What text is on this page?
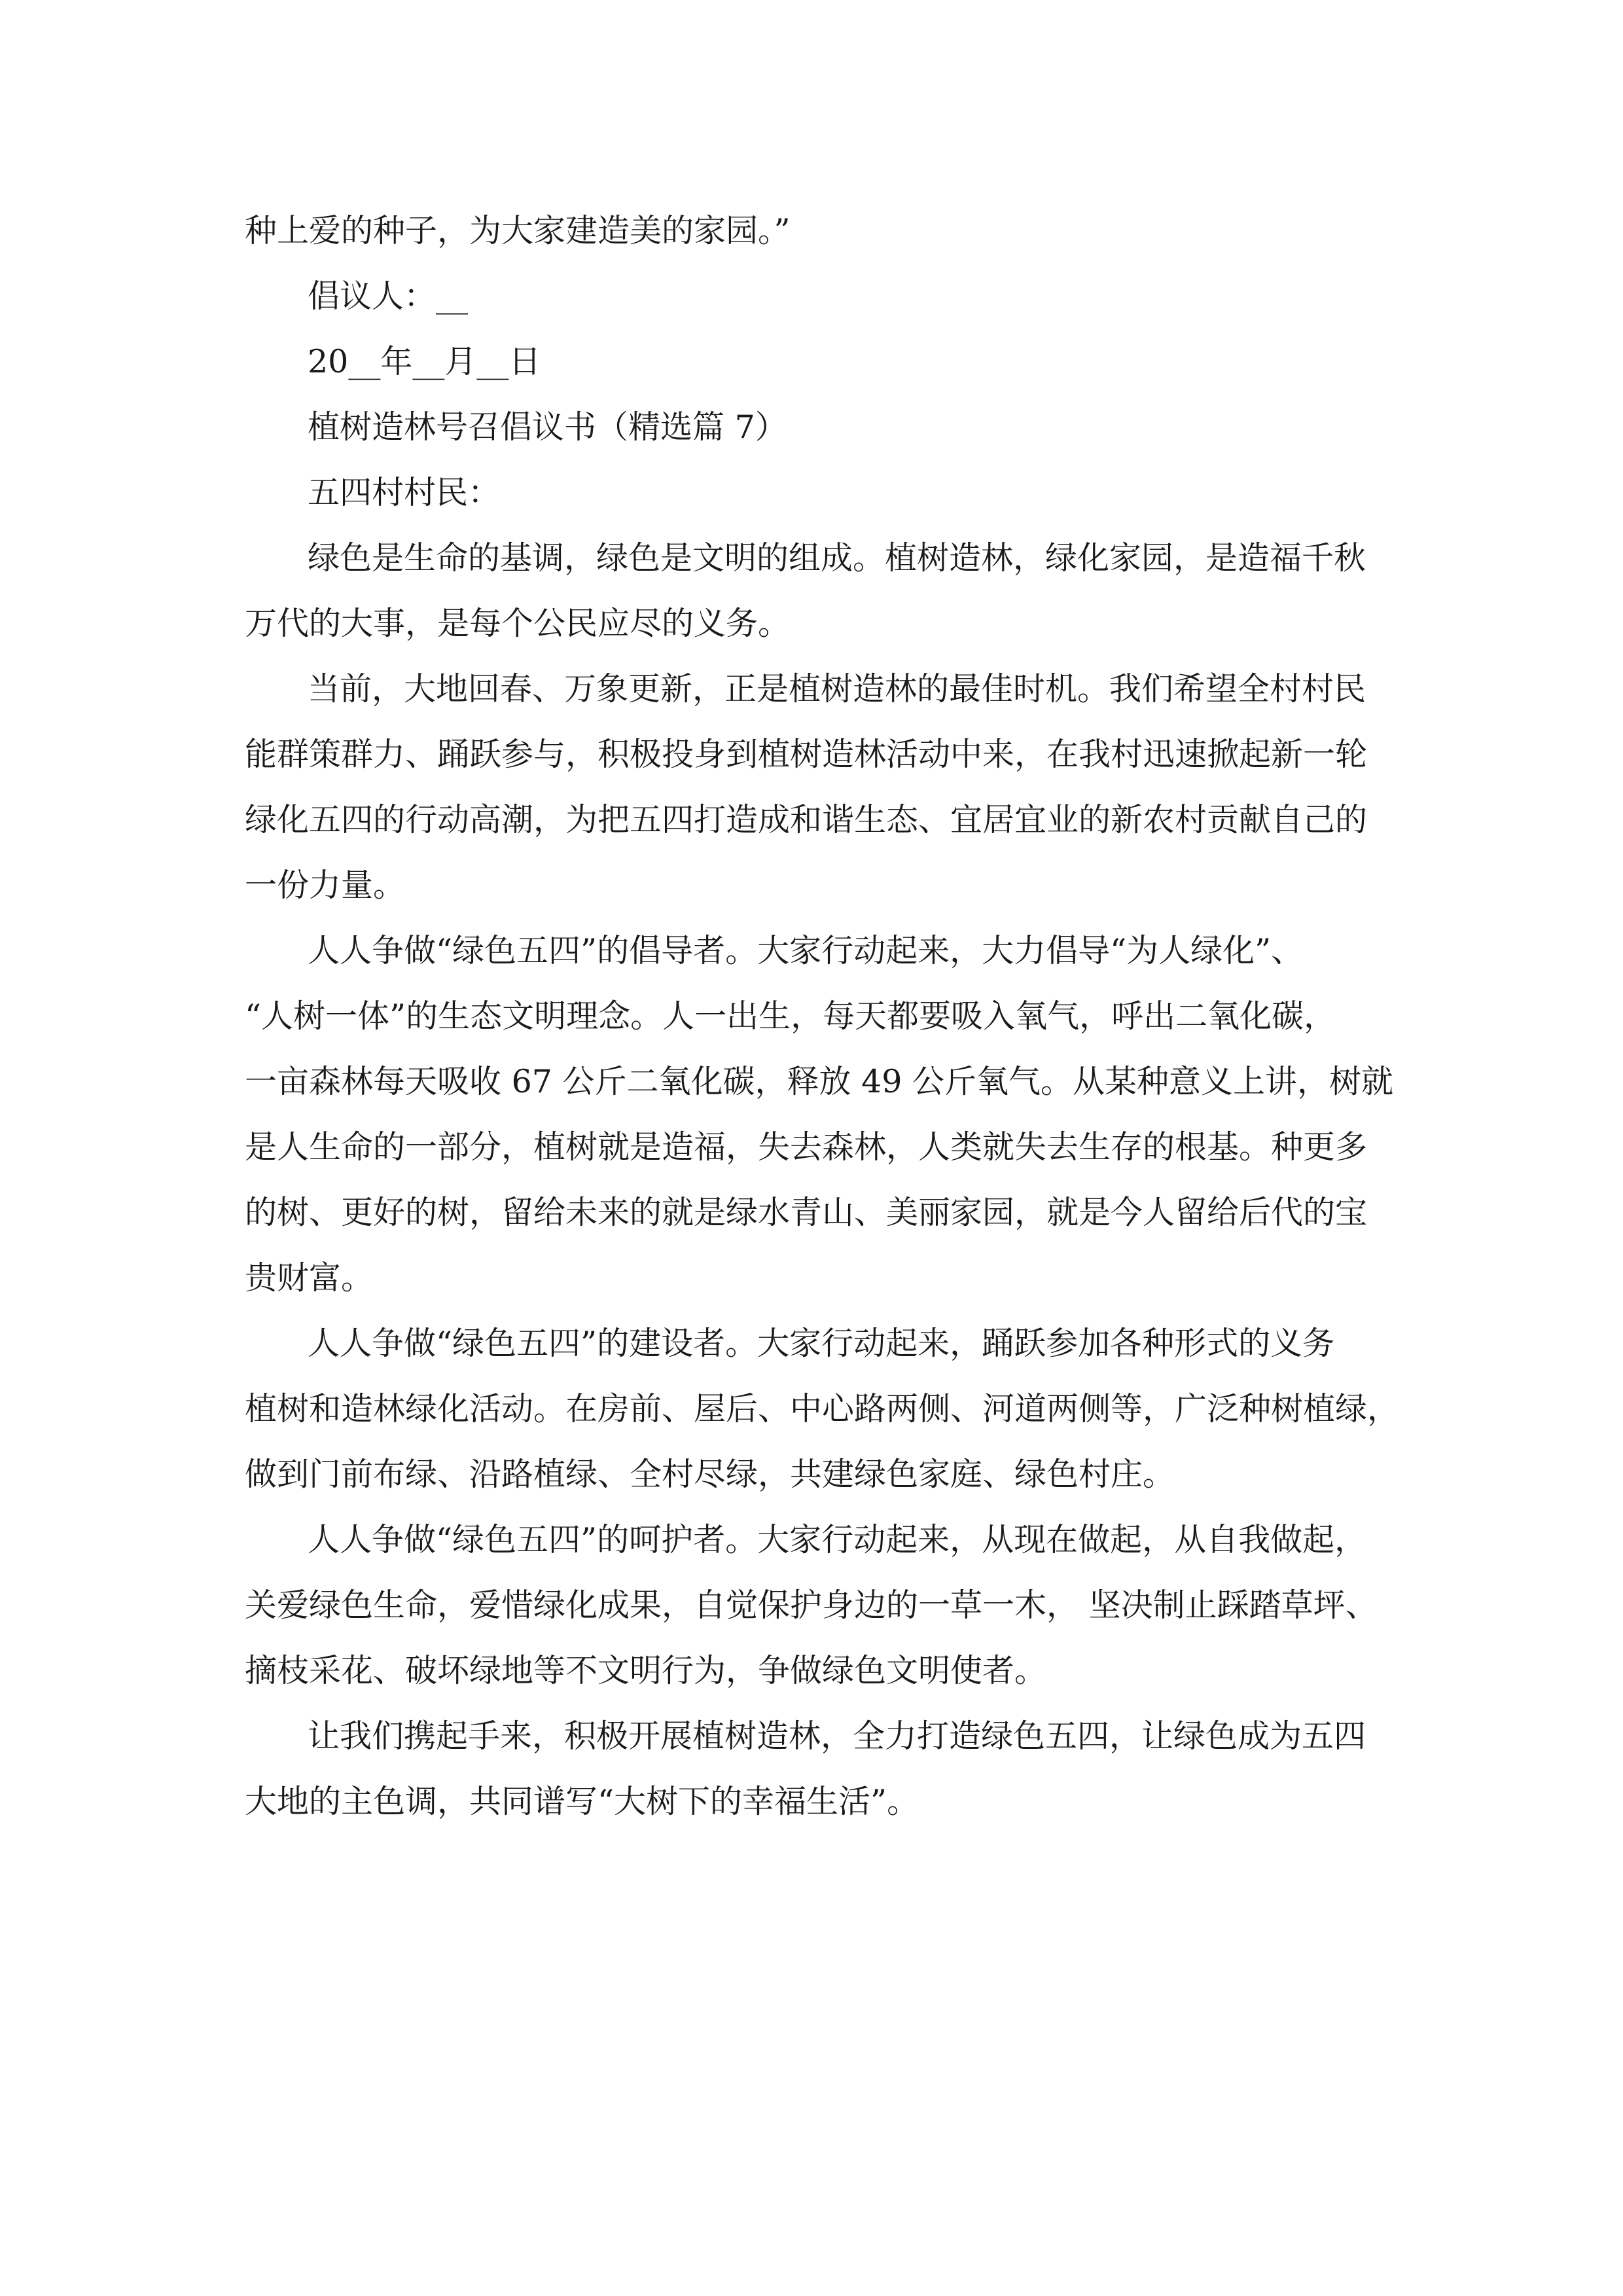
种上爱的种子，为大家建造美的家园。”

倡议人：__

20__年__月__日

植树造林号召倡议书（精选篇 7）

五四村村民：

绿色是生命的基调，绿色是文明的组成。植树造林，绿化家园，是造福千秋

万代的大事，是每个公民应尽的义务。

当前，大地回春、万象更新，正是植树造林的最佳时机。我们希望全村村民

能群策群力、踊跃参与，积极投身到植树造林活动中来，在我村迅速掀起新一轮

绿化五四的行动高潮，为把五四打造成和谐生态、宜居宜业的新农村贡献自己的

一份力量。

人人争做“绿色五四”的倡导者。大家行动起来，大力倡导“为人绿化”、

“人树一体”的生态文明理念。人一出生，每天都要吸入氧气，呼出二氧化碳，

一亩森林每天吸收 67 公斤二氧化碳，释放 49 公斤氧气。从某种意义上讲，树就

是人生命的一部分，植树就是造福，失去森林，人类就失去生存的根基。种更多

的树、更好的树，留给未来的就是绿水青山、美丽家园，就是今人留给后代的宝

贵财富。

人人争做“绿色五四”的建设者。大家行动起来，踊跃参加各种形式的义务

植树和造林绿化活动。在房前、屋后、中心路两侧、河道两侧等，广泛种树植绿，

做到门前布绿、沿路植绿、全村尽绿，共建绿色家庭、绿色村庄。

人人争做“绿色五四”的呵护者。大家行动起来，从现在做起，从自我做起，

关爱绿色生命，爱惜绿化成果，自觉保护身边的一草一木， 坚决制止踩踏草坪、

摘枝采花、破坏绿地等不文明行为，争做绿色文明使者。

让我们携起手来，积极开展植树造林，全力打造绿色五四，让绿色成为五四

大地的主色调，共同谱写“大树下的幸福生活”。
